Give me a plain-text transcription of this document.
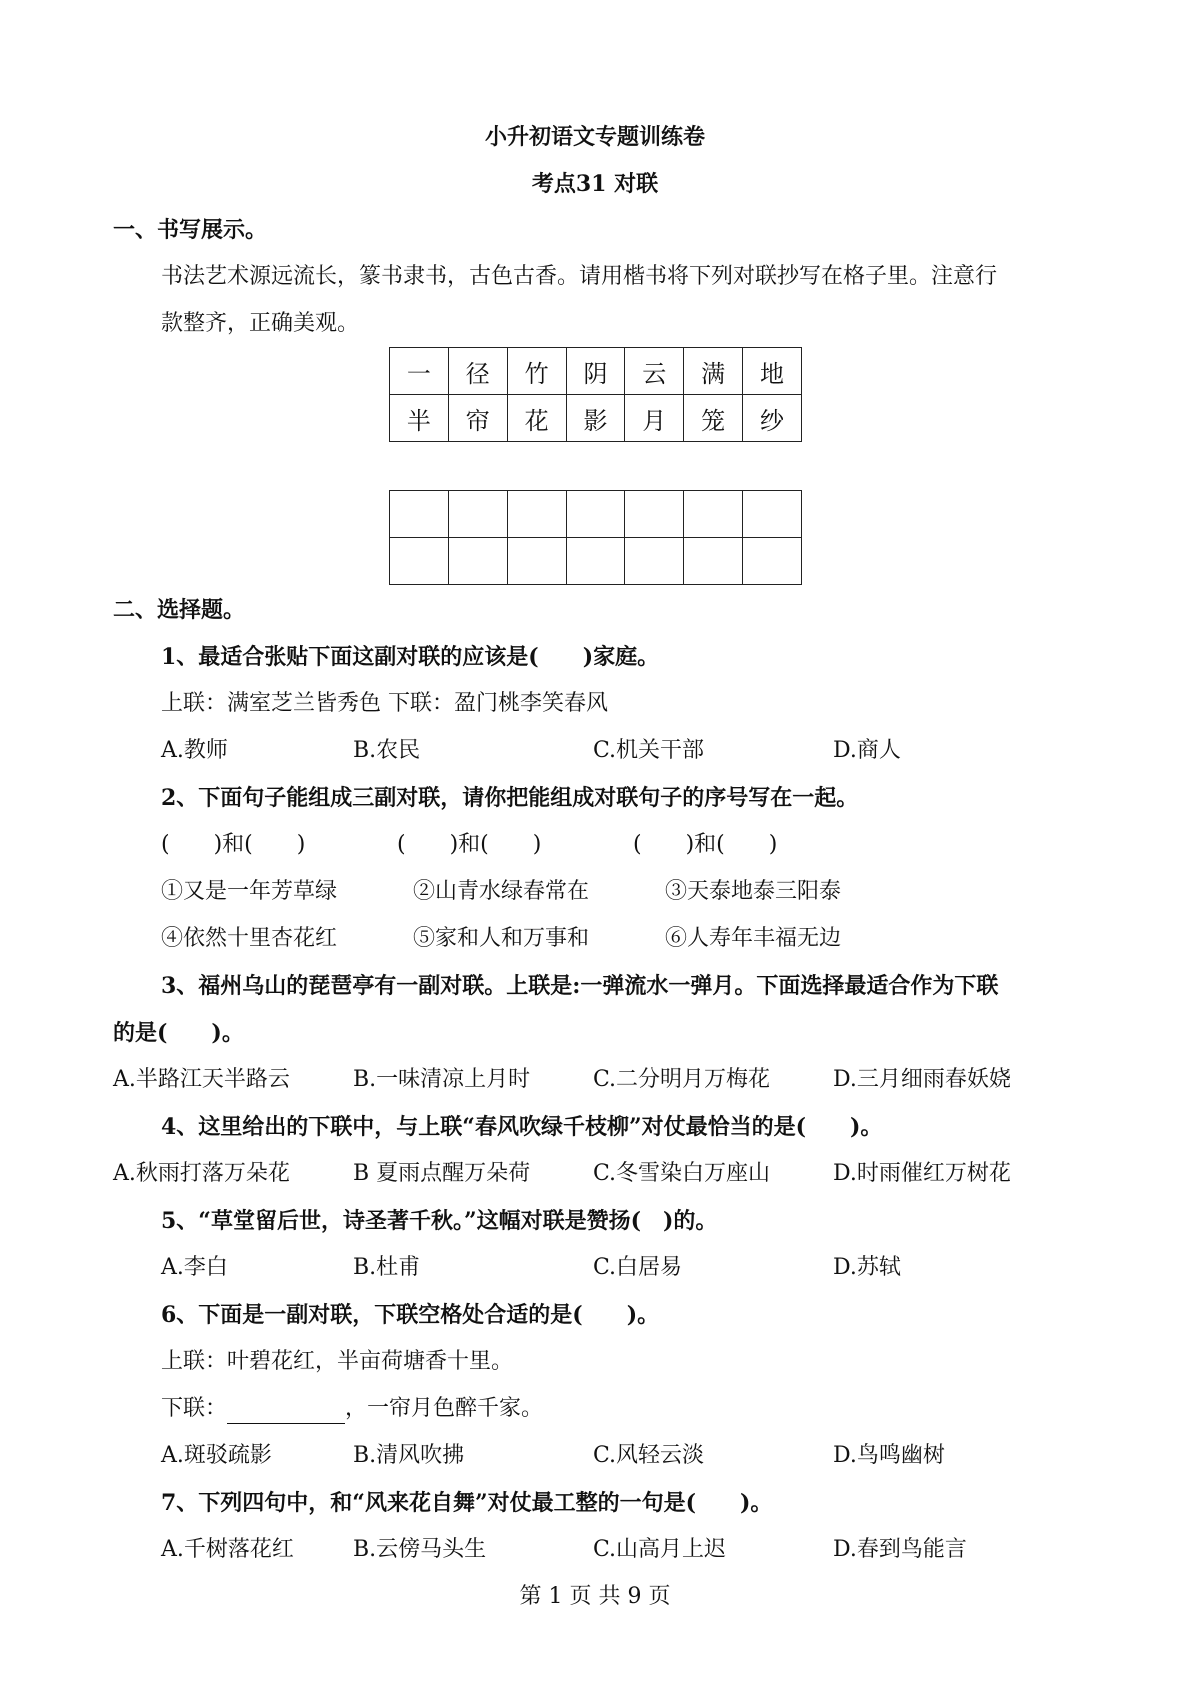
小升初语文专题训练卷
考点31 对联
一、书写展示。
书法艺术源远流长，篆书隶书，古色古香。请用楷书将下列对联抄写在格子里。注意行
款整齐，正确美观。
一	径	竹	阴	云	满	地
半	帘	花	影	月	笼	纱

二、选择题。
1、最适合张贴下面这副对联的应该是(　　)家庭。
上联：满室芝兰皆秀色 下联：盈门桃李笑春风
A.教师	B.农民	C.机关干部	D.商人
2、下面句子能组成三副对联，请你把能组成对联句子的序号写在一起。
(　　)和(　　)	(　　)和(　　)	(　　)和(　　)
①又是一年芳草绿	②山青水绿春常在	③天泰地泰三阳泰
④依然十里杏花红	⑤家和人和万事和	⑥人寿年丰福无边
3、福州乌山的琵琶亭有一副对联。上联是:一弹流水一弹月。下面选择最适合作为下联
的是(　　)。
A.半路江天半路云	B.一味清凉上月时	C.二分明月万梅花	D.三月细雨春妖娆
4、这里给出的下联中，与上联“春风吹绿千枝柳”对仗最恰当的是(　　)。
A.秋雨打落万朵花	B 夏雨点醒万朵荷	C.冬雪染白万座山	D.时雨催红万树花
5、“草堂留后世，诗圣著千秋。”这幅对联是赞扬(　)的。
A.李白	B.杜甫	C.白居易	D.苏轼
6、下面是一副对联，下联空格处合适的是(　　)。
上联：叶碧花红，半亩荷塘香十里。
下联：	，一帘月色醉千家。
A.斑驳疏影	B.清风吹拂	C.风轻云淡	D.鸟鸣幽树
7、下列四句中，和“风来花自舞”对仗最工整的一句是(　　)。
A.千树落花红	B.云傍马头生	C.山高月上迟	D.春到鸟能言
第 1 页 共 9 页
